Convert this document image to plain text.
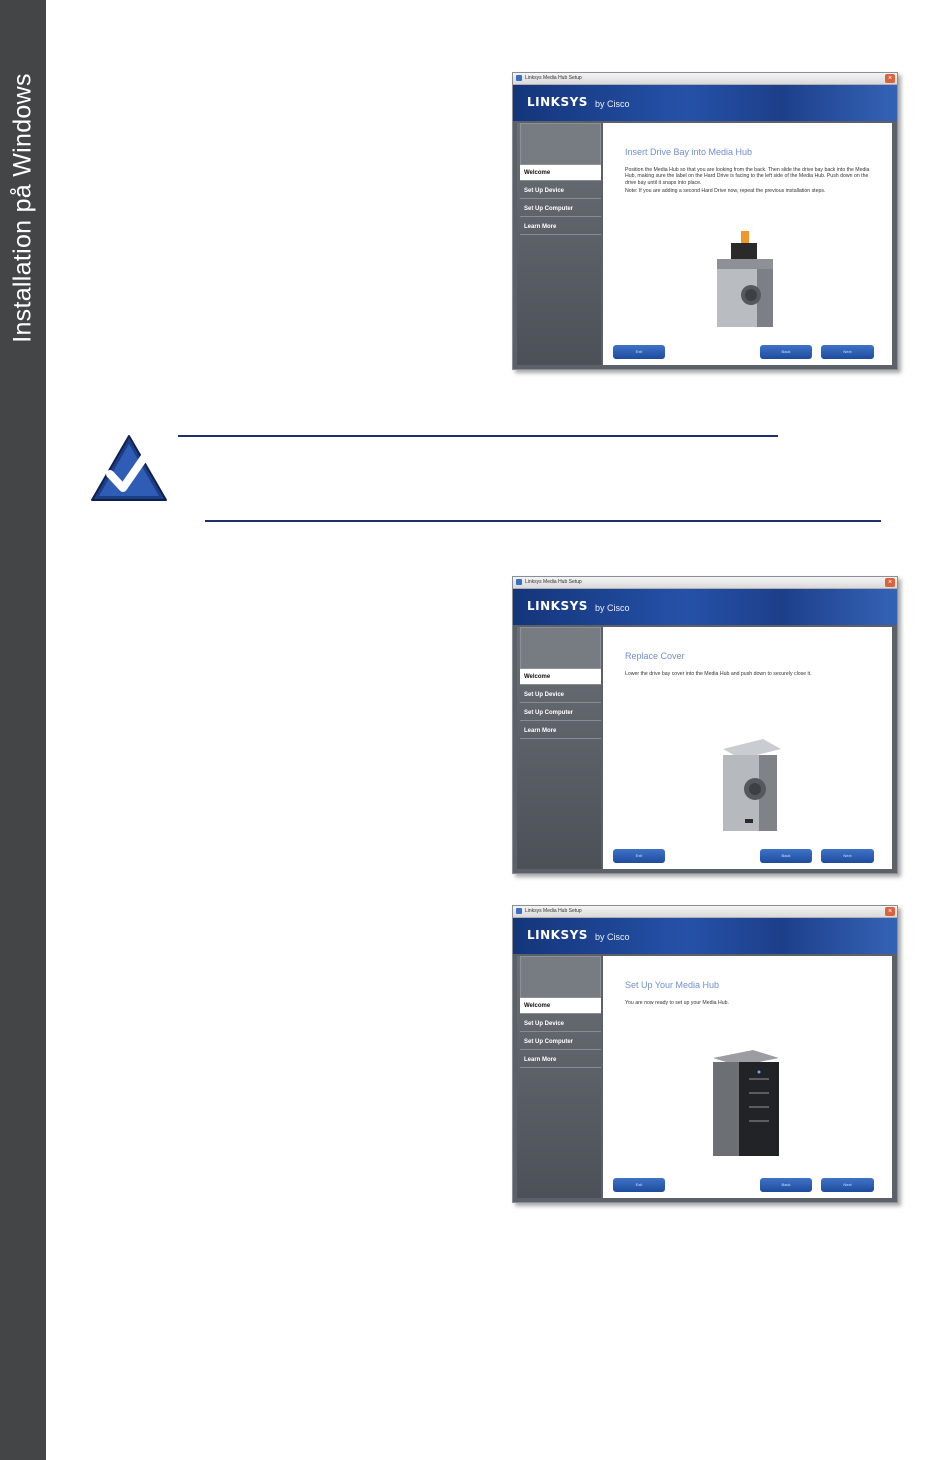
Installation på Windows	Linksys Media Hub Setup	×
LINKSYS by Cisco
Welcome
Set Up Device
Set Up Computer
Learn More
Insert Drive Bay into Media Hub
Position the Media Hub so that you are looking from the back. Then slide the drive bay back into the Media Hub, making sure the label on the Hard Drive is facing to the left side of the Media Hub. Push down on the drive bay until it snaps into place.
Note: If you are adding a second Hard Drive now, repeat the previous installation steps.
Exit	Back	Next
Linksys Media Hub Setup	×
LINKSYS by Cisco
Welcome
Set Up Device
Set Up Computer
Learn More
Replace Cover
Lower the drive bay cover into the Media Hub and push down to securely close it.
Exit	Back	Next
Linksys Media Hub Setup	×
LINKSYS by Cisco
Welcome
Set Up Device
Set Up Computer
Learn More
Set Up Your Media Hub
You are now ready to set up your Media Hub.
Exit	Back	Next
